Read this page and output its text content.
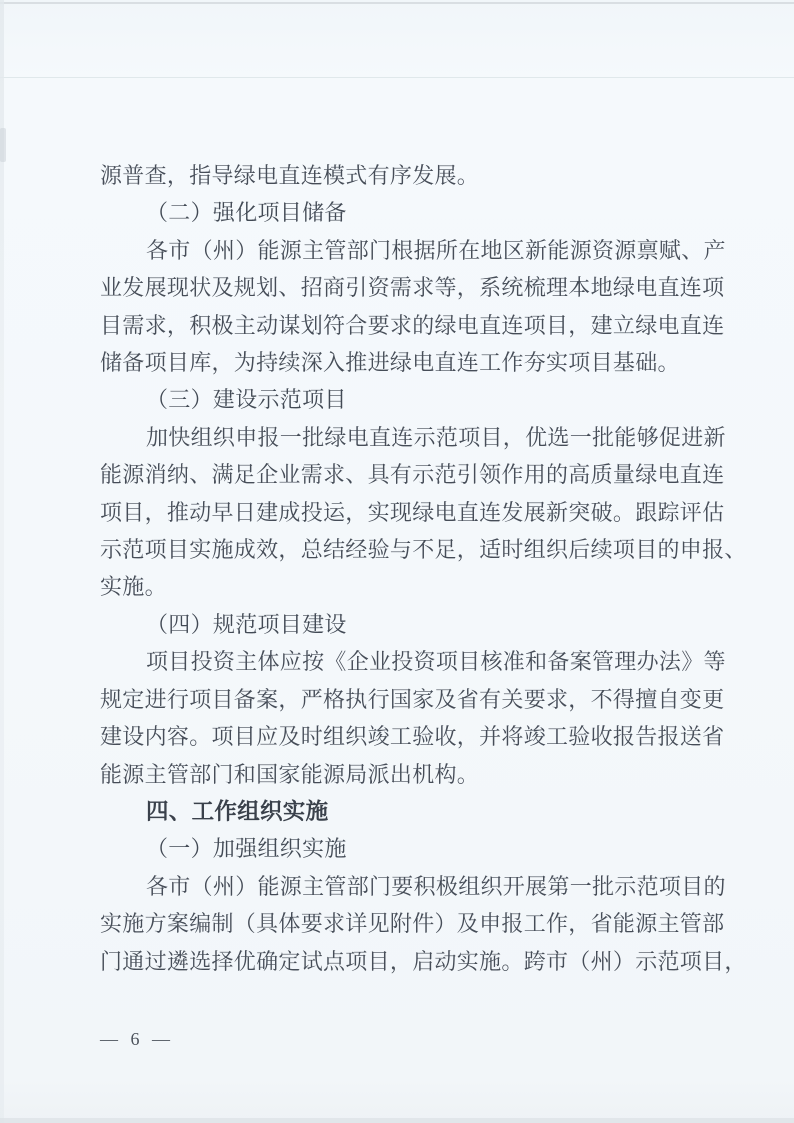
源普查，指导绿电直连模式有序发展。
（二）强化项目储备
各市（州）能源主管部门根据所在地区新能源资源禀赋、产
业发展现状及规划、招商引资需求等，系统梳理本地绿电直连项
目需求，积极主动谋划符合要求的绿电直连项目，建立绿电直连
储备项目库，为持续深入推进绿电直连工作夯实项目基础。
（三）建设示范项目
加快组织申报一批绿电直连示范项目，优选一批能够促进新
能源消纳、满足企业需求、具有示范引领作用的高质量绿电直连
项目，推动早日建成投运，实现绿电直连发展新突破。跟踪评估
示范项目实施成效，总结经验与不足，适时组织后续项目的申报、
实施。
（四）规范项目建设
项目投资主体应按《企业投资项目核准和备案管理办法》等
规定进行项目备案，严格执行国家及省有关要求，不得擅自变更
建设内容。项目应及时组织竣工验收，并将竣工验收报告报送省
能源主管部门和国家能源局派出机构。
四、工作组织实施
（一）加强组织实施
各市（州）能源主管部门要积极组织开展第一批示范项目的
实施方案编制（具体要求详见附件）及申报工作，省能源主管部
门通过遴选择优确定试点项目，启动实施。跨市（州）示范项目，
— 6 —
